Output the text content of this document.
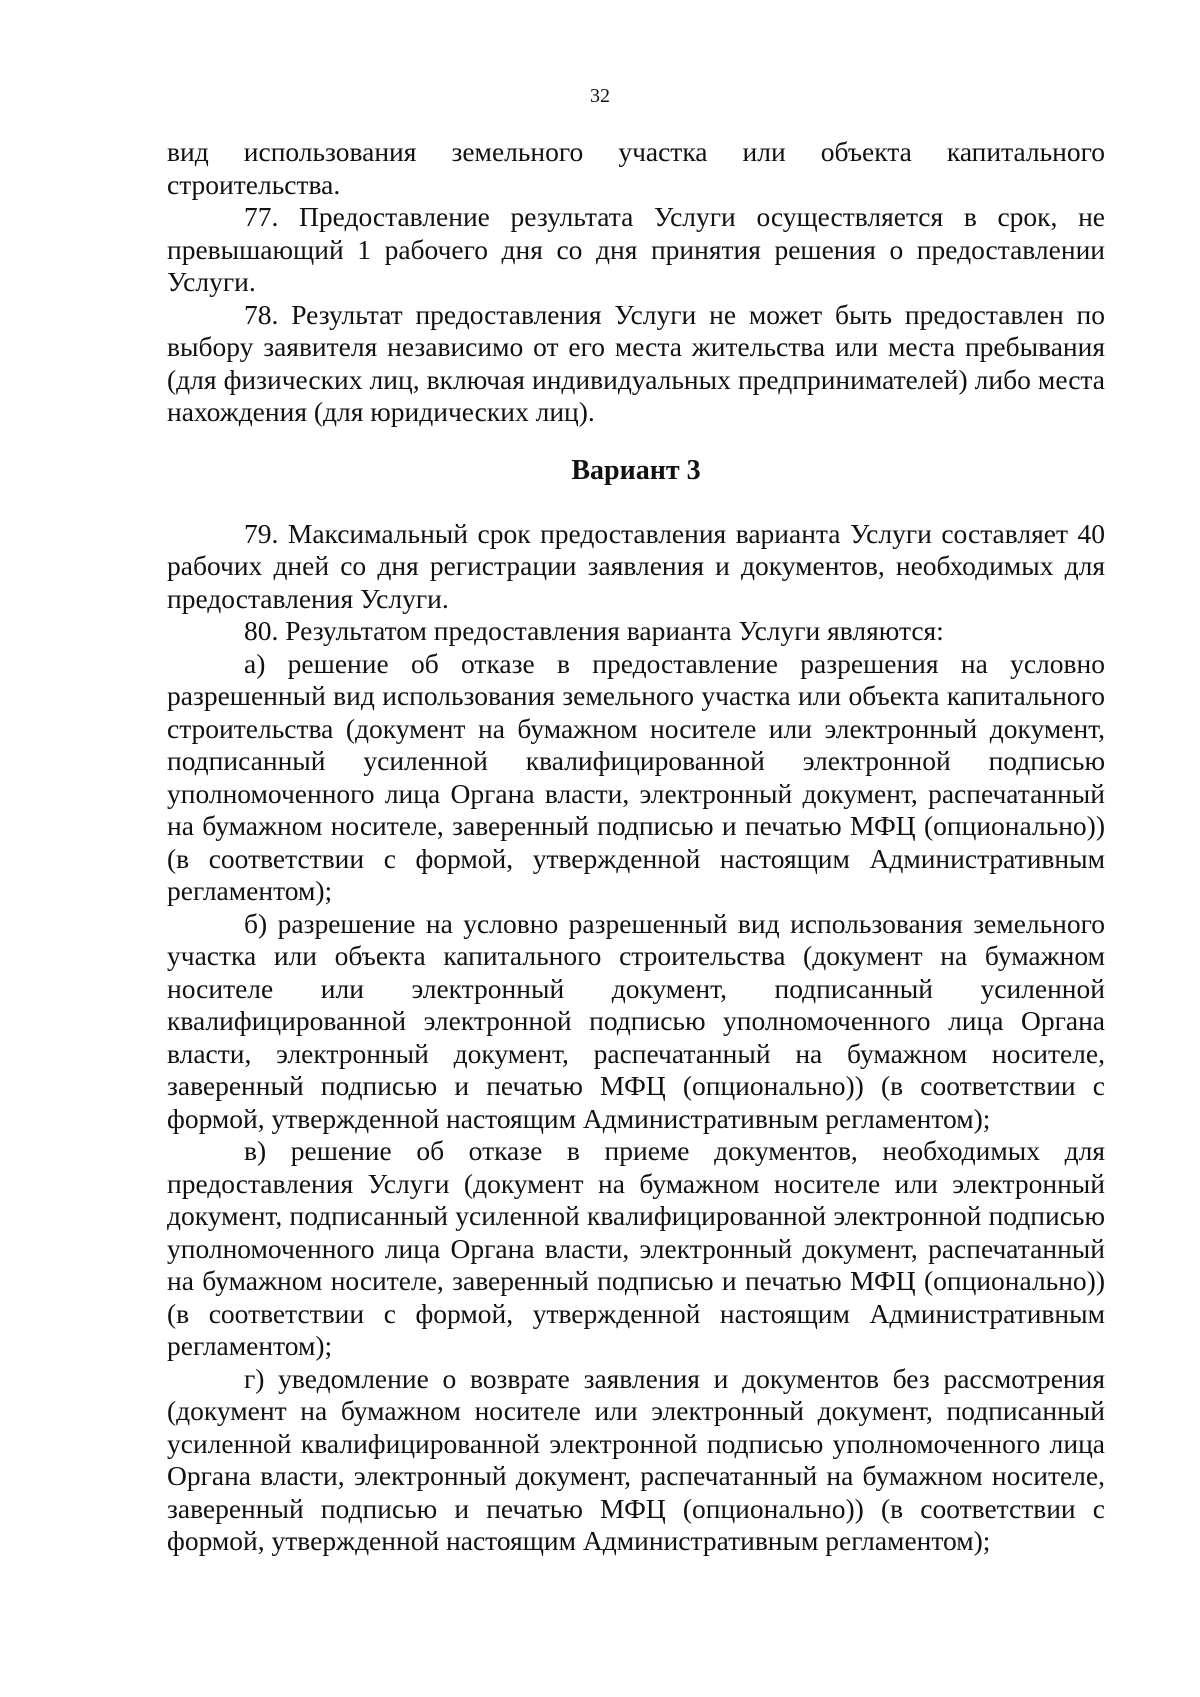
32

вид использования земельного участка или объекта капитального строительства.

77. Предоставление результата Услуги осуществляется в срок, не превышающий 1 рабочего дня со дня принятия решения о предоставлении Услуги.

78. Результат предоставления Услуги не может быть предоставлен по выбору заявителя независимо от его места жительства или места пребывания (для физических лиц, включая индивидуальных предпринимателей) либо места нахождения (для юридических лиц).

Вариант 3

79. Максимальный срок предоставления варианта Услуги составляет 40 рабочих дней со дня регистрации заявления и документов, необходимых для предоставления Услуги.

80. Результатом предоставления варианта Услуги являются:

а) решение об отказе в предоставление разрешения на условно разрешенный вид использования земельного участка или объекта капитального строительства (документ на бумажном носителе или электронный документ, подписанный усиленной квалифицированной электронной подписью уполномоченного лица Органа власти, электронный документ, распечатанный на бумажном носителе, заверенный подписью и печатью МФЦ (опционально)) (в соответствии с формой, утвержденной настоящим Административным регламентом);

б) разрешение на условно разрешенный вид использования земельного участка или объекта капитального строительства (документ на бумажном носителе или электронный документ, подписанный усиленной квалифицированной электронной подписью уполномоченного лица Органа власти, электронный документ, распечатанный на бумажном носителе, заверенный подписью и печатью МФЦ (опционально)) (в соответствии с формой, утвержденной настоящим Административным регламентом);

в) решение об отказе в приеме документов, необходимых для предоставления Услуги (документ на бумажном носителе или электронный документ, подписанный усиленной квалифицированной электронной подписью уполномоченного лица Органа власти, электронный документ, распечатанный на бумажном носителе, заверенный подписью и печатью МФЦ (опционально)) (в соответствии с формой, утвержденной настоящим Административным регламентом);

г) уведомление о возврате заявления и документов без рассмотрения (документ на бумажном носителе или электронный документ, подписанный усиленной квалифицированной электронной подписью уполномоченного лица Органа власти, электронный документ, распечатанный на бумажном носителе, заверенный подписью и печатью МФЦ (опционально)) (в соответствии с формой, утвержденной настоящим Административным регламентом);
